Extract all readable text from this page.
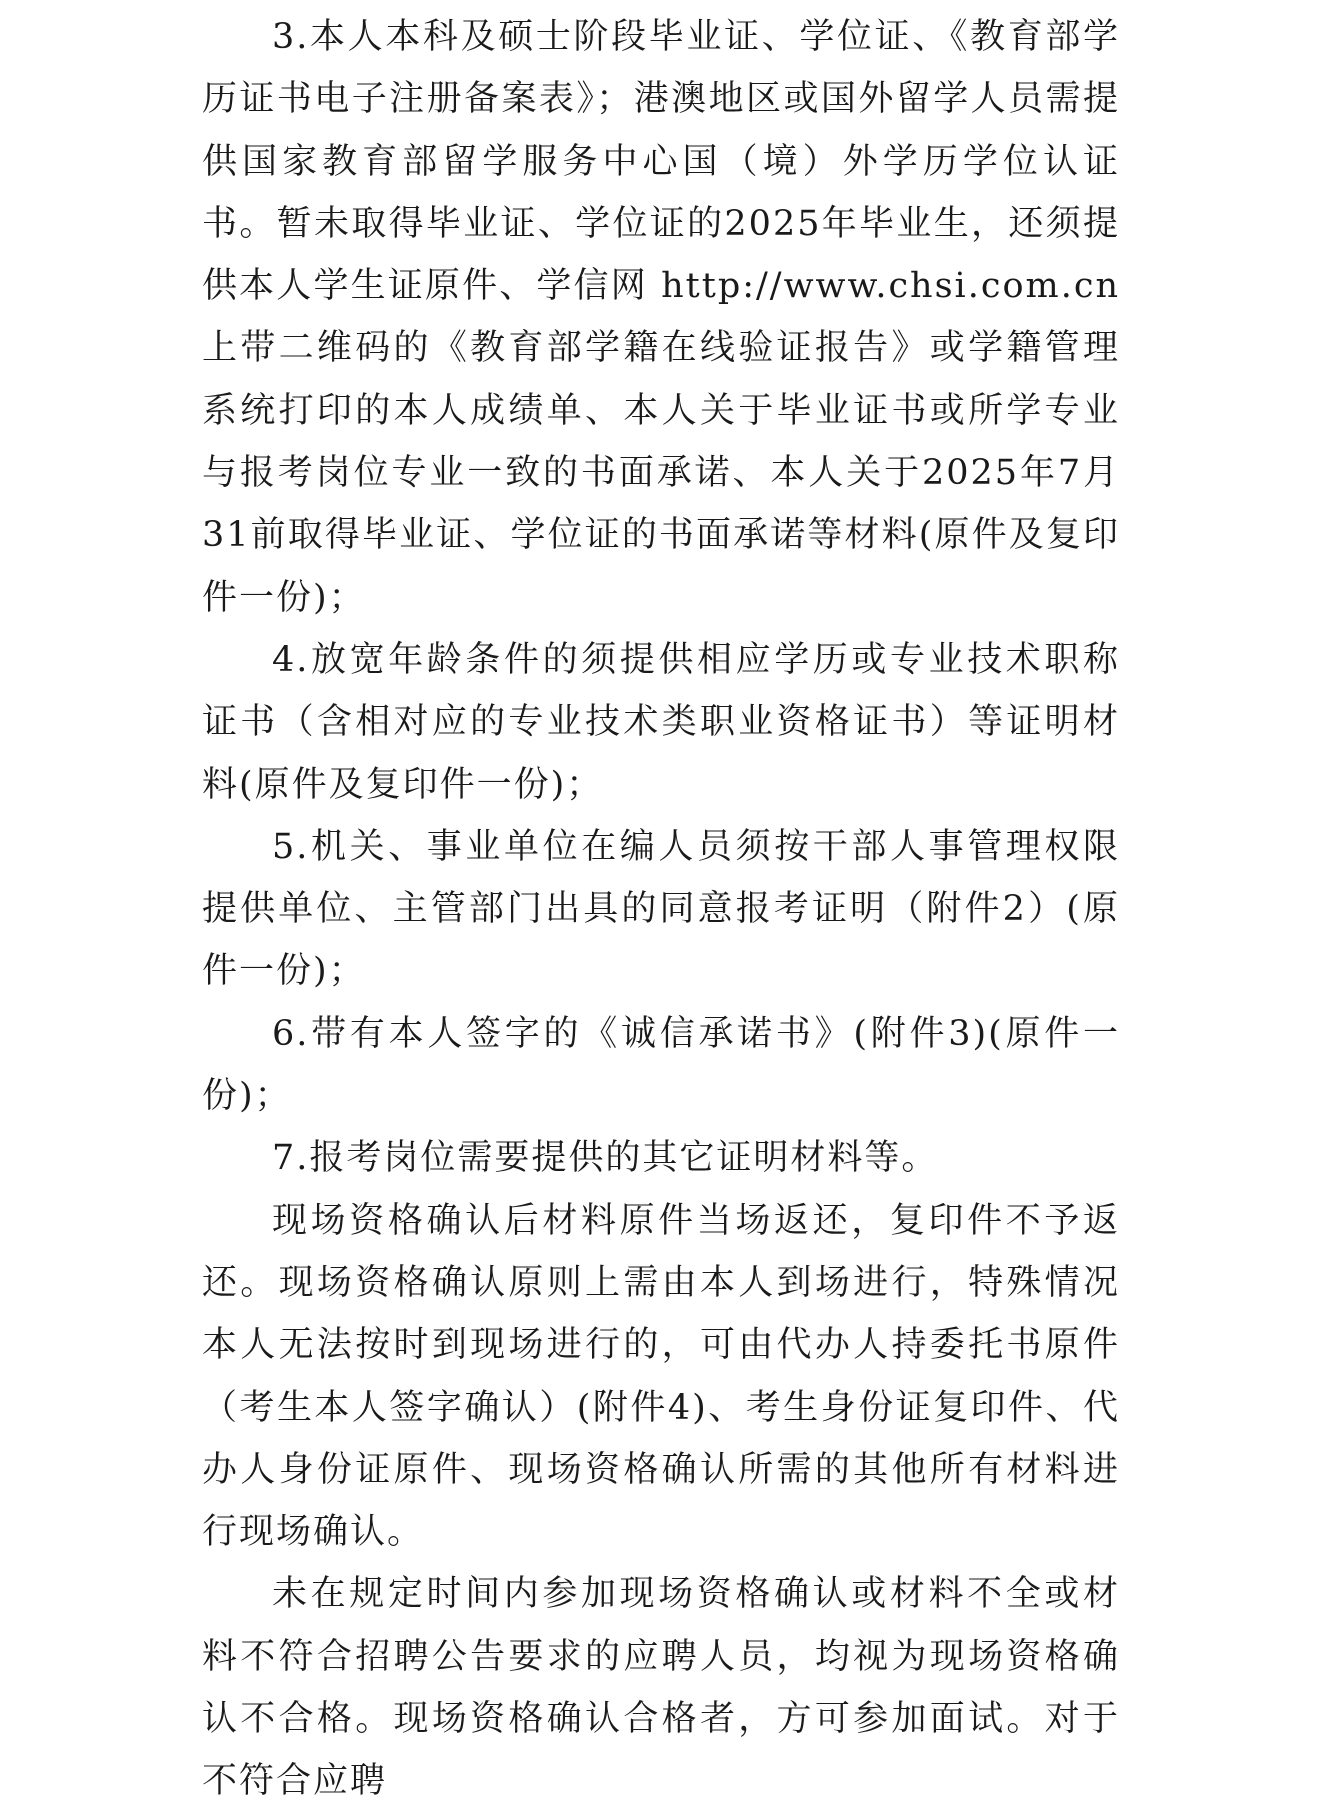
3.本人本科及硕士阶段毕业证、学位证、《教育部学历证书电子注册备案表》；港澳地区或国外留学人员需提供国家教育部留学服务中心国（境）外学历学位认证书。暂未取得毕业证、学位证的2025年毕业生，还须提供本人学生证原件、学信网 http://www.chsi.com.cn 上带二维码的《教育部学籍在线验证报告》或学籍管理系统打印的本人成绩单、本人关于毕业证书或所学专业与报考岗位专业一致的书面承诺、本人关于2025年7月31前取得毕业证、学位证的书面承诺等材料(原件及复印件一份)；

4.放宽年龄条件的须提供相应学历或专业技术职称证书（含相对应的专业技术类职业资格证书）等证明材料(原件及复印件一份)；

5.机关、事业单位在编人员须按干部人事管理权限提供单位、主管部门出具的同意报考证明（附件2）(原件一份)；

6.带有本人签字的《诚信承诺书》(附件3)(原件一份)；

7.报考岗位需要提供的其它证明材料等。

现场资格确认后材料原件当场返还，复印件不予返还。现场资格确认原则上需由本人到场进行，特殊情况本人无法按时到现场进行的，可由代办人持委托书原件（考生本人签字确认）(附件4)、考生身份证复印件、代办人身份证原件、现场资格确认所需的其他所有材料进行现场确认。

未在规定时间内参加现场资格确认或材料不全或材料不符合招聘公告要求的应聘人员，均视为现场资格确认不合格。现场资格确认合格者，方可参加面试。对于不符合应聘
